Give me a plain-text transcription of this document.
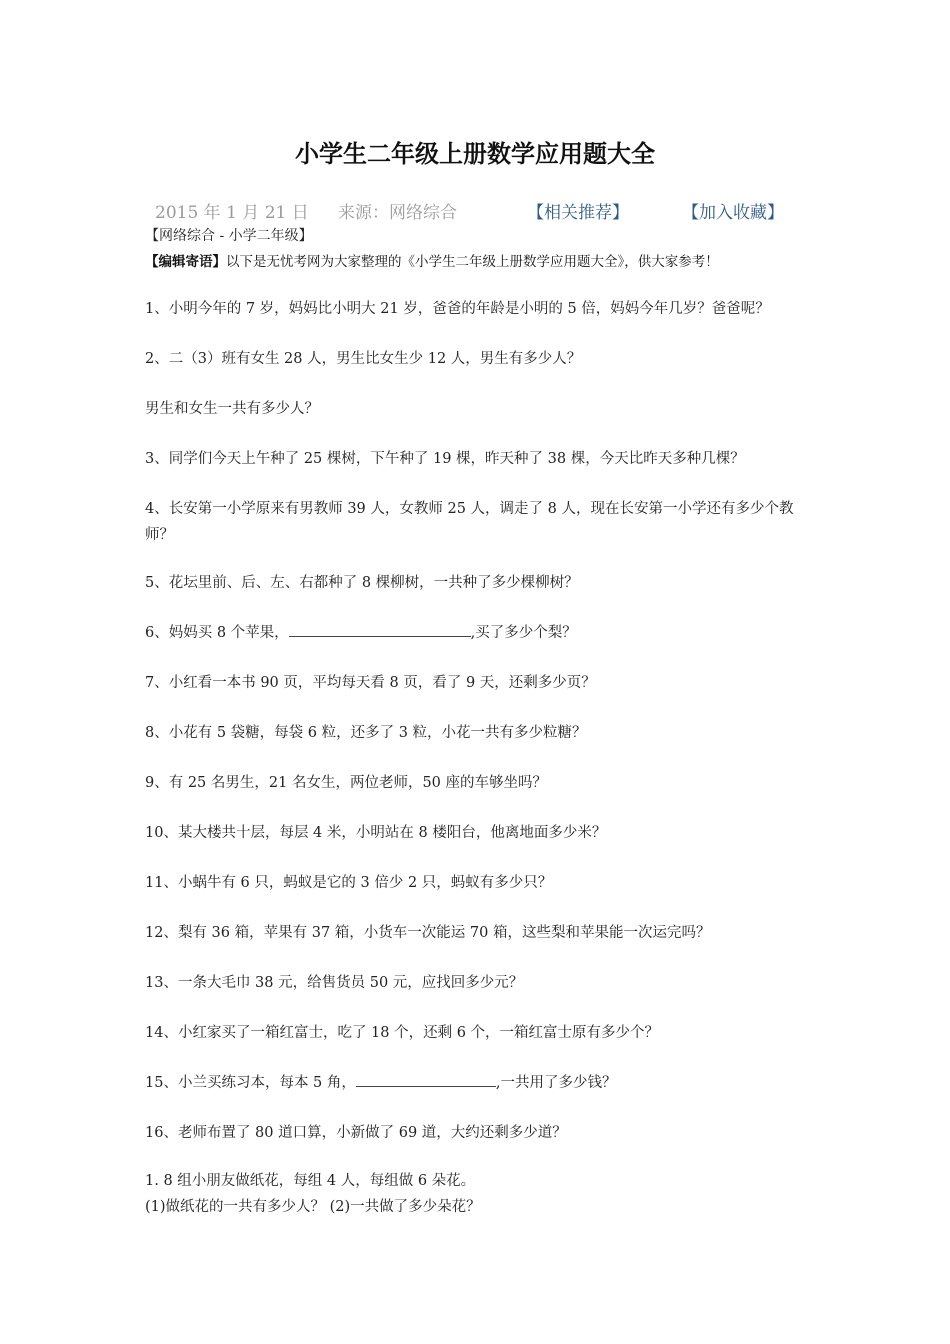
小学生二年级上册数学应用题大全
2015 年 1 月 21 日 来源：网络综合	【相关推荐】	【加入收藏】
【网络综合 - 小学二年级】
【编辑寄语】以下是无忧考网为大家整理的《小学生二年级上册数学应用题大全》，供大家参考！
1、小明今年的 7 岁，妈妈比小明大 21 岁，爸爸的年龄是小明的 5 倍，妈妈今年几岁？爸爸呢？
2、二（3）班有女生 28 人，男生比女生少 12 人，男生有多少人？
男生和女生一共有多少人？
3、同学们今天上午种了 25 棵树，下午种了 19 棵，昨天种了 38 棵，今天比昨天多种几棵？
4、长安第一小学原来有男教师 39 人，女教师 25 人，调走了 8 人，现在长安第一小学还有多少个教师？
5、花坛里前、后、左、右都种了 8 棵柳树，一共种了多少棵柳树？
6、妈妈买 8 个苹果，	,买了多少个梨？
7、小红看一本书 90 页，平均每天看 8 页，看了 9 天，还剩多少页？
8、小花有 5 袋糖，每袋 6 粒，还多了 3 粒，小花一共有多少粒糖？
9、有 25 名男生，21 名女生，两位老师，50 座的车够坐吗？
10、某大楼共十层，每层 4 米，小明站在 8 楼阳台，他离地面多少米？
11、小蜗牛有 6 只，蚂蚁是它的 3 倍少 2 只，蚂蚁有多少只？
12、梨有 36 箱，苹果有 37 箱，小货车一次能运 70 箱，这些梨和苹果能一次运完吗？
13、一条大毛巾 38 元，给售货员 50 元，应找回多少元？
14、小红家买了一箱红富士，吃了 18 个，还剩 6 个，一箱红富士原有多少个？
15、小兰买练习本，每本 5 角，	,一共用了多少钱？
16、老师布置了 80 道口算，小新做了 69 道，大约还剩多少道？
1. 8 组小朋友做纸花，每组 4 人，每组做 6 朵花。
(1)做纸花的一共有多少人？ (2)一共做了多少朵花？
